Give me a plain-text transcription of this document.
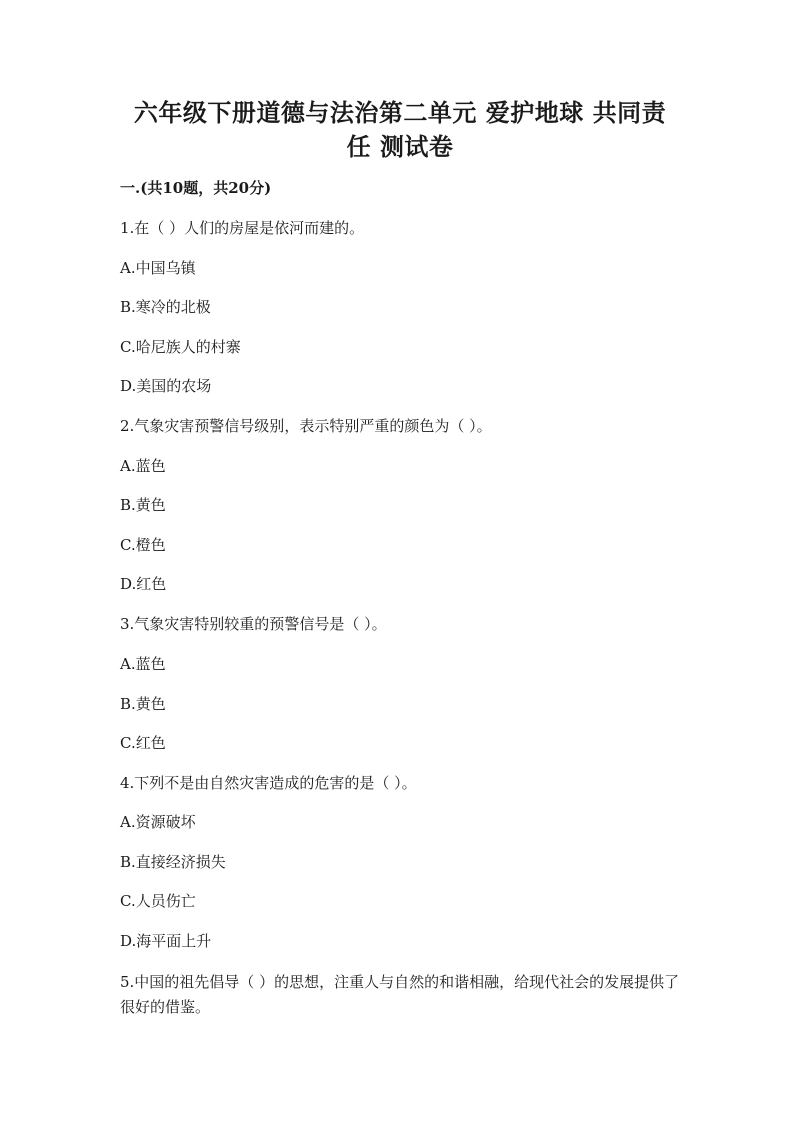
六年级下册道德与法治第二单元 爱护地球 共同责
任 测试卷
一.(共10题，共20分)
1.在（ ）人们的房屋是依河而建的。
A.中国乌镇
B.寒冷的北极
C.哈尼族人的村寨
D.美国的农场
2.气象灾害预警信号级别，表示特别严重的颜色为（ ）。
A.蓝色
B.黄色
C.橙色
D.红色
3.气象灾害特别较重的预警信号是（ ）。
A.蓝色
B.黄色
C.红色
4.下列不是由自然灾害造成的危害的是（ ）。
A.资源破坏
B.直接经济损失
C.人员伤亡
D.海平面上升
5.中国的祖先倡导（ ）的思想，注重人与自然的和谐相融，给现代社会的发展提供了很好的借鉴。
